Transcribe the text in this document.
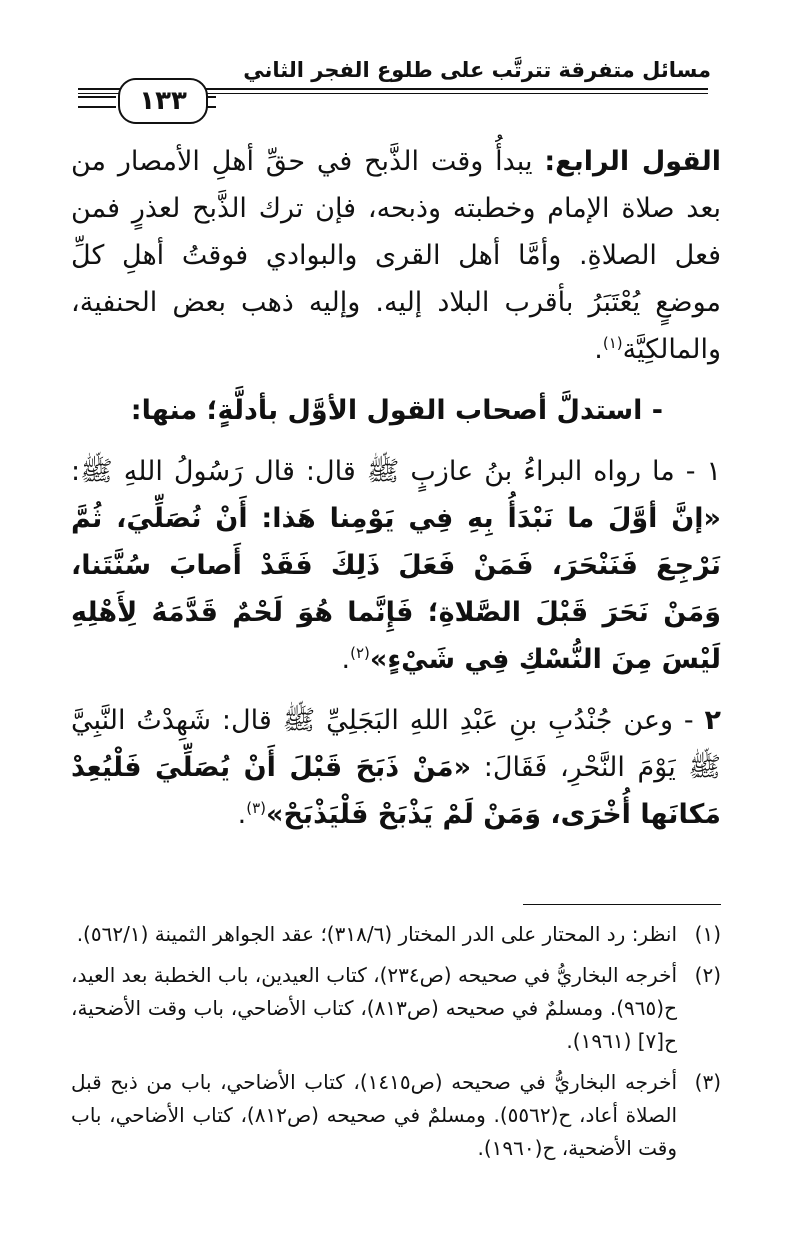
مسائل متفرقة تترتَّب على طلوع الفجر الثاني
١٣٣

القول الرابع: يبدأُ وقت الذَّبح في حقِّ أهلِ الأمصار من بعد صلاة الإمام وخطبته وذبحه، فإن ترك الذَّبح لعذرٍ فمن فعل الصلاةِ. وأمَّا أهل القرى والبوادي فوقتُ أهلِ كلِّ موضعٍ يُعْتَبَرُ بأقرب البلاد إليه. وإليه ذهب بعض الحنفية، والمالكِيَّة$^{(١)}$.

- استدلَّ أصحاب القول الأوَّل بأدلَّةٍ؛ منها:

١ - ما رواه البراءُ بنُ عازبٍ ﷺ قال: قال رَسُولُ اللهِ ﷺ: «إنَّ أوَّلَ ما نَبْدَأُ بِهِ فِي يَوْمِنا هَذا: أَنْ نُصَلِّيَ، ثُمَّ نَرْجِعَ فَنَنْحَرَ، فَمَنْ فَعَلَ ذَلِكَ فَقَدْ أَصابَ سُنَّتَنا، وَمَنْ نَحَرَ قَبْلَ الصَّلاةِ؛ فَإِنَّما هُوَ لَحْمٌ قَدَّمَهُ لِأَهْلِهِ لَيْسَ مِنَ النُّسْكِ فِي شَيْءٍ»$^{(٢)}$.

٢ - وعن جُنْدُبِ بنِ عَبْدِ اللهِ البَجَلِيِّ ﷺ قال: شَهِدْتُ النَّبِيَّ ﷺ يَوْمَ النَّحْرِ، فَقَالَ: «مَنْ ذَبَحَ قَبْلَ أَنْ يُصَلِّيَ فَلْيُعِدْ مَكانَها أُخْرَى، وَمَنْ لَمْ يَذْبَحْ فَلْيَذْبَحْ»$^{(٣)}$.

(١)
انظر: رد المحتار على الدر المختار (٣١٨/٦)؛ عقد الجواهر الثمينة (٥٦٢/١).
(٢)
أخرجه البخاريُّ في صحيحه (ص٢٣٤)، كتاب العيدين، باب الخطبة بعد العيد، ح(٩٦٥). ومسلمٌ في صحيحه (ص٨١٣)، كتاب الأضاحي، باب وقت الأضحية، ح[٧] (١٩٦١).
(٣)
أخرجه البخاريُّ في صحيحه (ص١٤١٥)، كتاب الأضاحي، باب من ذبح قبل الصلاة أعاد، ح(٥٥٦٢). ومسلمٌ في صحيحه (ص٨١٢)، كتاب الأضاحي، باب وقت الأضحية، ح(١٩٦٠).
